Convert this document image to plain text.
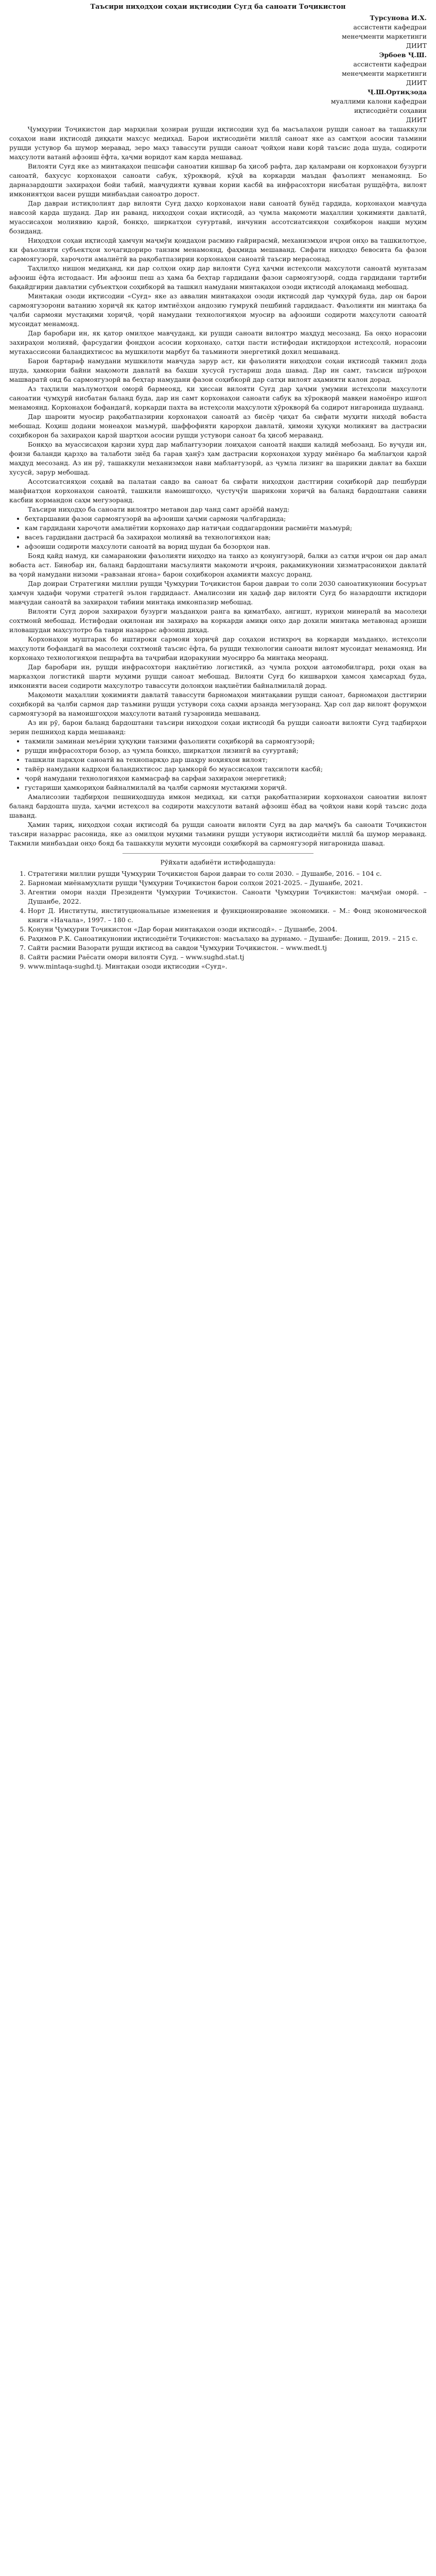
Таъсири ниҳодҳои соҳаи иқтисодии Сугд ба саноати Тоҷикистон

Турсунова И.Х.

ассистенти кафедраи

менеҷменти маркетинги

ДИИТ

Эрбоев Ҷ.Ш.

ассистенти кафедраи

менеҷменти маркетинги

ДИИТ

Ҷ.Ш.Ортиқзода

муаллими калони кафедраи

иқтисодиёти соҳавии

ДИИТ

Ҷумҳурии Тоҷикистон дар марҳилаи ҳозираи рушди иқтисодии худ ба масъалаҳои рушди саноат ва ташаккули соҳаҳои нави иқтисодӣ диққати махсус медиҳад. Барои иқтисодиёти миллӣ саноат яке аз самтҳои асосии таъмини рушди устувор ба шумор меравад, зеро маҳз тавассути рушди саноат ҷойҳои нави корӣ таъсис дода шуда, содироти маҳсулоти ватанӣ афзоиш ёфта, ҳаҷми воридот кам карда мешавад.

Вилояти Суғд яке аз минтақаҳои пешсафи саноатии кишвар ба ҳисоб рафта, дар қаламрави он корхонаҳои бузурги саноатӣ, бахусус корхонаҳои саноати сабук, хӯрокворӣ, кӯҳӣ ва коркарди маъдан фаъолият менамоянд. Бо дарназардошти захираҳои бойи табиӣ, мавҷудияти қувваи кории касбӣ ва инфрасохтори нисбатан рушдёфта, вилоят имкониятҳои васеи рушди минбаъдаи саноатро дорост.

Дар давраи истиқлолият дар вилояти Суғд даҳҳо корхонаҳои нави саноатӣ бунёд гардида, корхонаҳои мавҷуда навсозӣ карда шуданд. Дар ин раванд, ниҳодҳои соҳаи иқтисодӣ, аз ҷумла мақомоти маҳаллии ҳокимияти давлатӣ, муассисаҳои молиявию қарзӣ, бонкҳо, ширкатҳои суғуртавӣ, инчунин ассотсиатсияҳои соҳибкорон нақши муҳим бозиданд.

Ниҳодҳои соҳаи иқтисодӣ ҳамчун маҷмӯи қоидаҳои расмию ғайрирасмӣ, механизмҳои иҷрои онҳо ва ташкилотҳое, ки фаъолияти субъектҳои хоҷагидориро танзим менамоянд, фаҳмида мешаванд. Сифати ниҳодҳо бевосита ба фазои сармоягузорӣ, хароҷоти амалиётӣ ва рақобатпазирии корхонаҳои саноатӣ таъсир мерасонад.

Таҳлилҳо нишон медиҳанд, ки дар солҳои охир дар вилояти Суғд ҳаҷми истеҳсоли маҳсулоти саноатӣ мунтазам афзоиш ёфта истодааст. Ин афзоиш пеш аз ҳама ба беҳтар гардидани фазои сармоягузорӣ, содда гардидани тартиби бақайдгирии давлатии субъектҳои соҳибкорӣ ва ташкил намудани минтақаҳои озоди иқтисодӣ алоқаманд мебошад.

Минтақаи озоди иқтисодии «Суғд» яке аз аввалин минтақаҳои озоди иқтисодӣ дар ҷумҳурӣ буда, дар он барои сармоягузорони ватанию хориҷӣ як қатор имтиёзҳои андозию гумрукӣ пешбинӣ гардидааст. Фаъолияти ин минтақа ба ҷалби сармояи мустақими хориҷӣ, ҷорӣ намудани технологияҳои муосир ва афзоиши содироти маҳсулоти саноатӣ мусоидат менамояд.

Дар баробари ин, як қатор омилҳое мавҷуданд, ки рушди саноати вилоятро маҳдуд месозанд. Ба онҳо норасоии захираҳои молиявӣ, фарсудагии фондҳои асосии корхонаҳо, сатҳи пасти истифодаи иқтидорҳои истеҳсолӣ, норасоии мутахассисони баландихтисос ва мушкилоти марбут ба таъминоти энергетикӣ дохил мешаванд.

Барои бартараф намудани мушкилоти мавҷуда зарур аст, ки фаъолияти ниҳодҳои соҳаи иқтисодӣ такмил дода шуда, ҳамкории байни мақомоти давлатӣ ва бахши хусусӣ густариш дода шавад. Дар ин самт, таъсиси шӯроҳои машваратӣ оид ба сармоягузорӣ ва беҳтар намудани фазои соҳибкорӣ дар сатҳи вилоят аҳамияти калон дорад.

Аз таҳлили маълумотҳои оморӣ бармеояд, ки ҳиссаи вилояти Суғд дар ҳаҷми умумии истеҳсоли маҳсулоти саноатии ҷумҳурӣ нисбатан баланд буда, дар ин самт корхонаҳои саноати сабук ва хӯрокворӣ мавқеи намоёнро ишғол менамоянд. Корхонаҳои бофандагӣ, коркарди пахта ва истеҳсоли маҳсулоти хӯрокворӣ ба содирот нигаронида шудаанд.

Дар шароити муосир рақобатпазирии корхонаҳои саноатӣ аз бисёр ҷиҳат ба сифати муҳити ниҳодӣ вобаста мебошад. Коҳиш додани монеаҳои маъмурӣ, шаффофияти қарорҳои давлатӣ, ҳимояи ҳуқуқи моликият ва дастрасии соҳибкорон ба захираҳои қарзӣ шартҳои асосии рушди устувори саноат ба ҳисоб мераванд.

Бонкҳо ва муассисаҳои қарзии хурд дар маблағгузории лоиҳаҳои саноатӣ нақши калидӣ мебозанд. Бо вуҷуди ин, фоизи баланди қарзҳо ва талаботи зиёд ба гарав ҳанӯз ҳам дастрасии корхонаҳои хурду миёнаро ба маблағҳои қарзӣ маҳдуд месозанд. Аз ин рӯ, ташаккули механизмҳои нави маблағгузорӣ, аз ҷумла лизинг ва шарикии давлат ва бахши хусусӣ, зарур мебошад.

Ассотсиатсияҳои соҳавӣ ва палатаи савдо ва саноат ба сифати ниҳодҳои дастгирии соҳибкорӣ дар пешбурди манфиатҳои корхонаҳои саноатӣ, ташкили намоишгоҳҳо, ҷустуҷӯи шарикони хориҷӣ ва баланд бардоштани савияи касбии кормандон саҳм мегузоранд.

Таъсири ниҳодҳо ба саноати вилоятро метавон дар чанд самт арзёбӣ намуд:

• беҳтаршавии фазои сармоягузорӣ ва афзоиши ҳаҷми сармояи ҷалбгардида;
• кам гардидани хароҷоти амалиётии корхонаҳо дар натиҷаи соддагардонии расмиёти маъмурӣ;
• васеъ гардидани дастрасӣ ба захираҳои молиявӣ ва технологияҳои нав;
• афзоиши содироти маҳсулоти саноатӣ ва ворид шудан ба бозорҳои нав.

Бояд қайд намуд, ки самаранокии фаъолияти ниҳодҳо на танҳо аз қонунгузорӣ, балки аз сатҳи иҷрои он дар амал вобаста аст. Бинобар ин, баланд бардоштани масъулияти мақомоти иҷроия, рақамикунонии хизматрасониҳои давлатӣ ва ҷорӣ намудани низоми «равзанаи ягона» барои соҳибкорон аҳамияти махсус доранд.

Дар доираи Стратегияи миллии рушди Ҷумҳурии Тоҷикистон барои давраи то соли 2030 саноатикунонии босуръат ҳамчун ҳадафи чоруми стратегӣ эълон гардидааст. Амалисозии ин ҳадаф дар вилояти Суғд бо назардошти иқтидори мавҷудаи саноатӣ ва захираҳои табиии минтақа имконпазир мебошад.

Вилояти Суғд дорои захираҳои бузурги маъданҳои ранга ва қиматбаҳо, ангишт, нуриҳои минералӣ ва масолеҳи сохтмонӣ мебошад. Истифодаи оқилонаи ин захираҳо ва коркарди амиқи онҳо дар дохили минтақа метавонад арзиши иловашудаи маҳсулотро ба таври назаррас афзоиш диҳад.

Корхонаҳои муштарак бо иштироки сармояи хориҷӣ дар соҳаҳои истихроҷ ва коркарди маъданҳо, истеҳсоли маҳсулоти бофандагӣ ва масолеҳи сохтмонӣ таъсис ёфта, ба рушди технологии саноати вилоят мусоидат менамоянд. Ин корхонаҳо технологияҳои пешрафта ва таҷрибаи идоракунии муосирро ба минтақа меоранд.

Дар баробари ин, рушди инфрасохтори нақлиётию логистикӣ, аз ҷумла роҳҳои автомобилгард, роҳи оҳан ва марказҳои логистикӣ шарти муҳими рушди саноат мебошад. Вилояти Суғд бо кишварҳои ҳамсоя ҳамсарҳад буда, имконияти васеи содироти маҳсулотро тавассути долонҳои нақлиётии байналмилалӣ дорад.

Мақомоти маҳаллии ҳокимияти давлатӣ тавассути барномаҳои минтақавии рушди саноат, барномаҳои дастгирии соҳибкорӣ ва ҷалби сармоя дар таъмини рушди устувори соҳа саҳми арзанда мегузоранд. Ҳар сол дар вилоят форумҳои сармоягузорӣ ва намоишгоҳҳои маҳсулоти ватанӣ гузаронида мешаванд.

Аз ин рӯ, барои баланд бардоштани таъсири ниҳодҳои соҳаи иқтисодӣ ба рушди саноати вилояти Суғд тадбирҳои зерин пешниҳод карда мешаванд:

• такмили заминаи меъёрии ҳуқуқии танзими фаъолияти соҳибкорӣ ва сармоягузорӣ;
• рушди инфрасохтори бозор, аз ҷумла бонкҳо, ширкатҳои лизингӣ ва суғуртавӣ;
• ташкили паркҳои саноатӣ ва технопаркҳо дар шаҳру ноҳияҳои вилоят;
• тайёр намудани кадрҳои баландихтисос дар ҳамкорӣ бо муассисаҳои таҳсилоти касбӣ;
• ҷорӣ намудани технологияҳои каммасраф ва сарфаи захираҳои энергетикӣ;
• густариши ҳамкориҳои байналмилалӣ ва ҷалби сармояи мустақими хориҷӣ.

Амалисозии тадбирҳои пешниҳодшуда имкон медиҳад, ки сатҳи рақобатпазирии корхонаҳои саноатии вилоят баланд бардошта шуда, ҳаҷми истеҳсол ва содироти маҳсулоти ватанӣ афзоиш ёбад ва ҷойҳои нави корӣ таъсис дода шаванд.

Ҳамин тариқ, ниҳодҳои соҳаи иқтисодӣ ба рушди саноати вилояти Суғд ва дар маҷмӯъ ба саноати Тоҷикистон таъсири назаррас расонида, яке аз омилҳои муҳими таъмини рушди устувори иқтисодиёти миллӣ ба шумор мераванд. Такмили минбаъдаи онҳо бояд ба ташаккули муҳити мусоиди соҳибкорӣ ва сармоягузорӣ нигаронида шавад.

Рӯйхати адабиёти истифодашуда:

1. Стратегияи миллии рушди Ҷумҳурии Тоҷикистон барои давраи то соли 2030. – Душанбе, 2016. – 104 с.
2. Барномаи миёнамуҳлати рушди Ҷумҳурии Тоҷикистон барои солҳои 2021-2025. – Душанбе, 2021.
3. Агентии омори назди Президенти Ҷумҳурии Тоҷикистон. Саноати Ҷумҳурии Тоҷикистон: маҷмӯаи оморӣ. – Душанбе, 2022.
4. Норт Д. Институты, институциональные изменения и функционирование экономики. – М.: Фонд экономической книги «Начала», 1997. – 180 с.
5. Қонуни Ҷумҳурии Тоҷикистон «Дар бораи минтақаҳои озоди иқтисодӣ». – Душанбе, 2004.
6. Раҳимов Р.К. Саноатикунонии иқтисодиёти Тоҷикистон: масъалаҳо ва дурнамо. – Душанбе: Дониш, 2019. – 215 с.
7. Сайти расмии Вазорати рушди иқтисод ва савдои Ҷумҳурии Тоҷикистон. – www.medt.tj
8. Сайти расмии Раёсати омори вилояти Суғд. – www.sughd.stat.tj
9. www.mintaqa-sughd.tj. Минтақаи озоди иқтисодии «Суғд».
